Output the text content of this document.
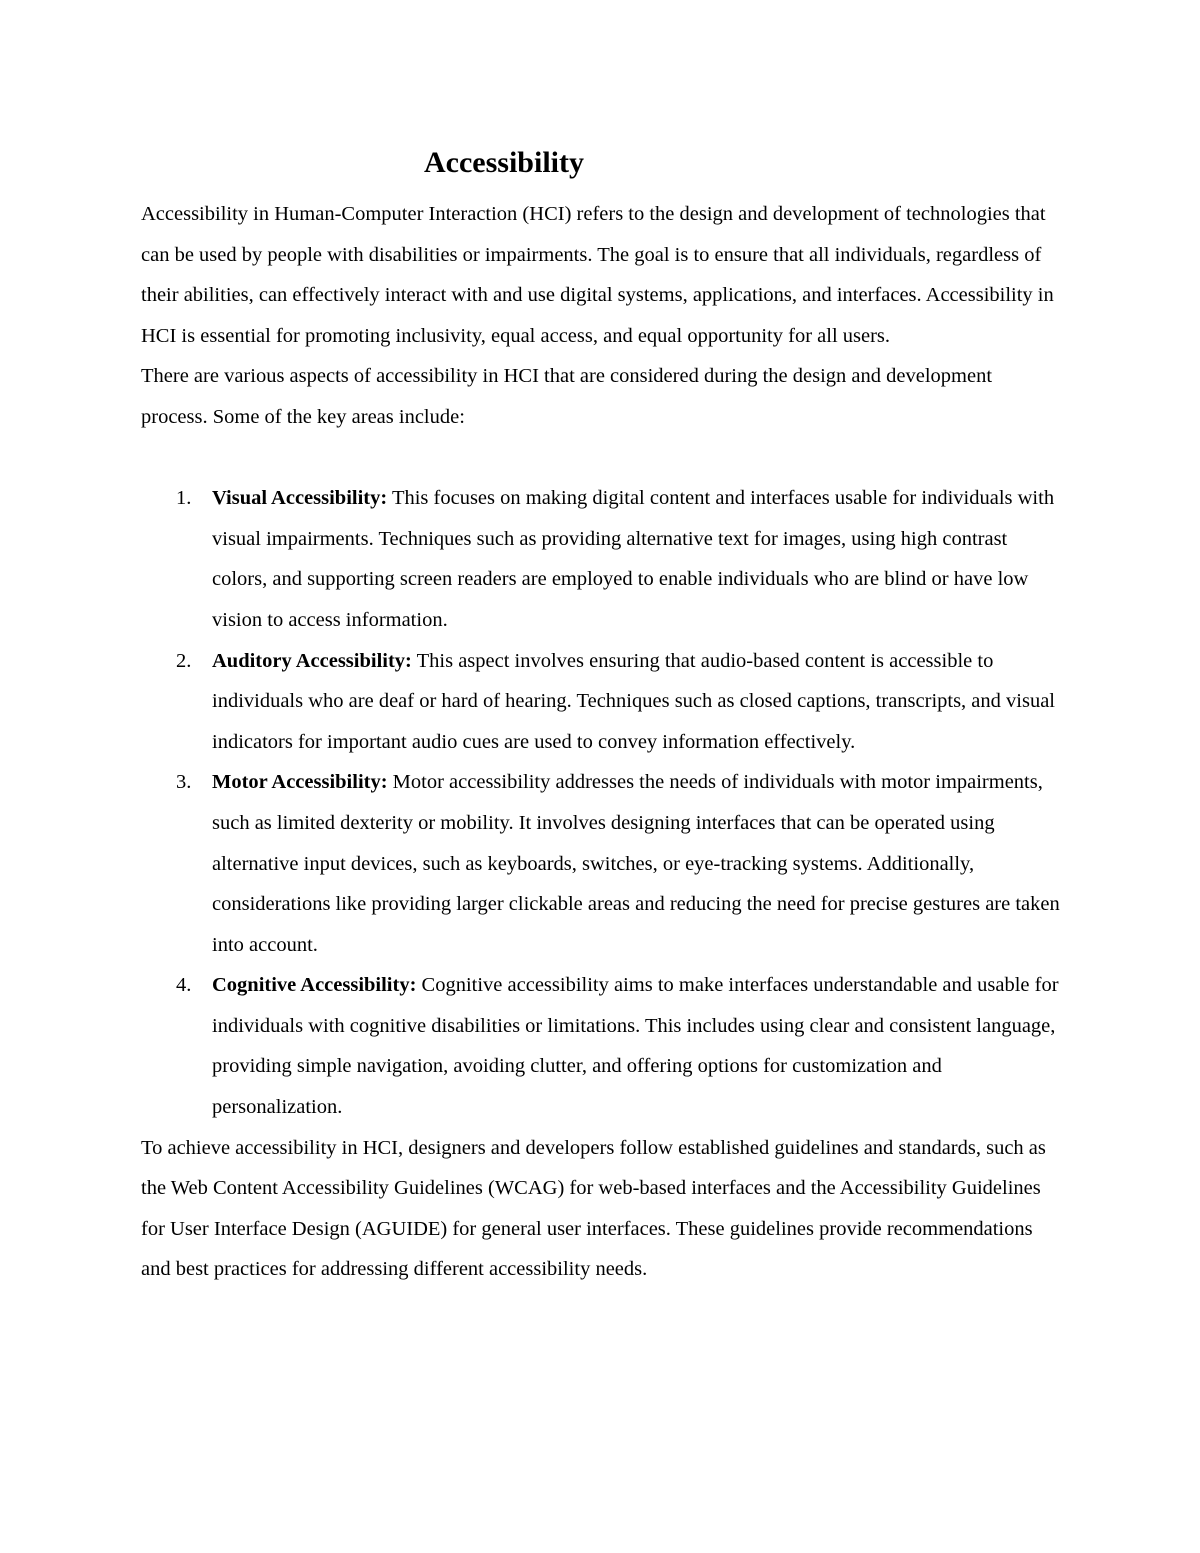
Accessibility

Accessibility in Human-Computer Interaction (HCI) refers to the design and development of technologies that can be used by people with disabilities or impairments. The goal is to ensure that all individuals, regardless of their abilities, can effectively interact with and use digital systems, applications, and interfaces. Accessibility in HCI is essential for promoting inclusivity, equal access, and equal opportunity for all users.

There are various aspects of accessibility in HCI that are considered during the design and development process. Some of the key areas include:

1. Visual Accessibility: This focuses on making digital content and interfaces usable for individuals with visual impairments. Techniques such as providing alternative text for images, using high contrast colors, and supporting screen readers are employed to enable individuals who are blind or have low vision to access information.
2. Auditory Accessibility: This aspect involves ensuring that audio-based content is accessible to individuals who are deaf or hard of hearing. Techniques such as closed captions, transcripts, and visual indicators for important audio cues are used to convey information effectively.
3. Motor Accessibility: Motor accessibility addresses the needs of individuals with motor impairments, such as limited dexterity or mobility. It involves designing interfaces that can be operated using alternative input devices, such as keyboards, switches, or eye-tracking systems. Additionally, considerations like providing larger clickable areas and reducing the need for precise gestures are taken into account.
4. Cognitive Accessibility: Cognitive accessibility aims to make interfaces understandable and usable for individuals with cognitive disabilities or limitations. This includes using clear and consistent language, providing simple navigation, avoiding clutter, and offering options for customization and personalization.

To achieve accessibility in HCI, designers and developers follow established guidelines and standards, such as the Web Content Accessibility Guidelines (WCAG) for web-based interfaces and the Accessibility Guidelines for User Interface Design (AGUIDE) for general user interfaces. These guidelines provide recommendations and best practices for addressing different accessibility needs.
